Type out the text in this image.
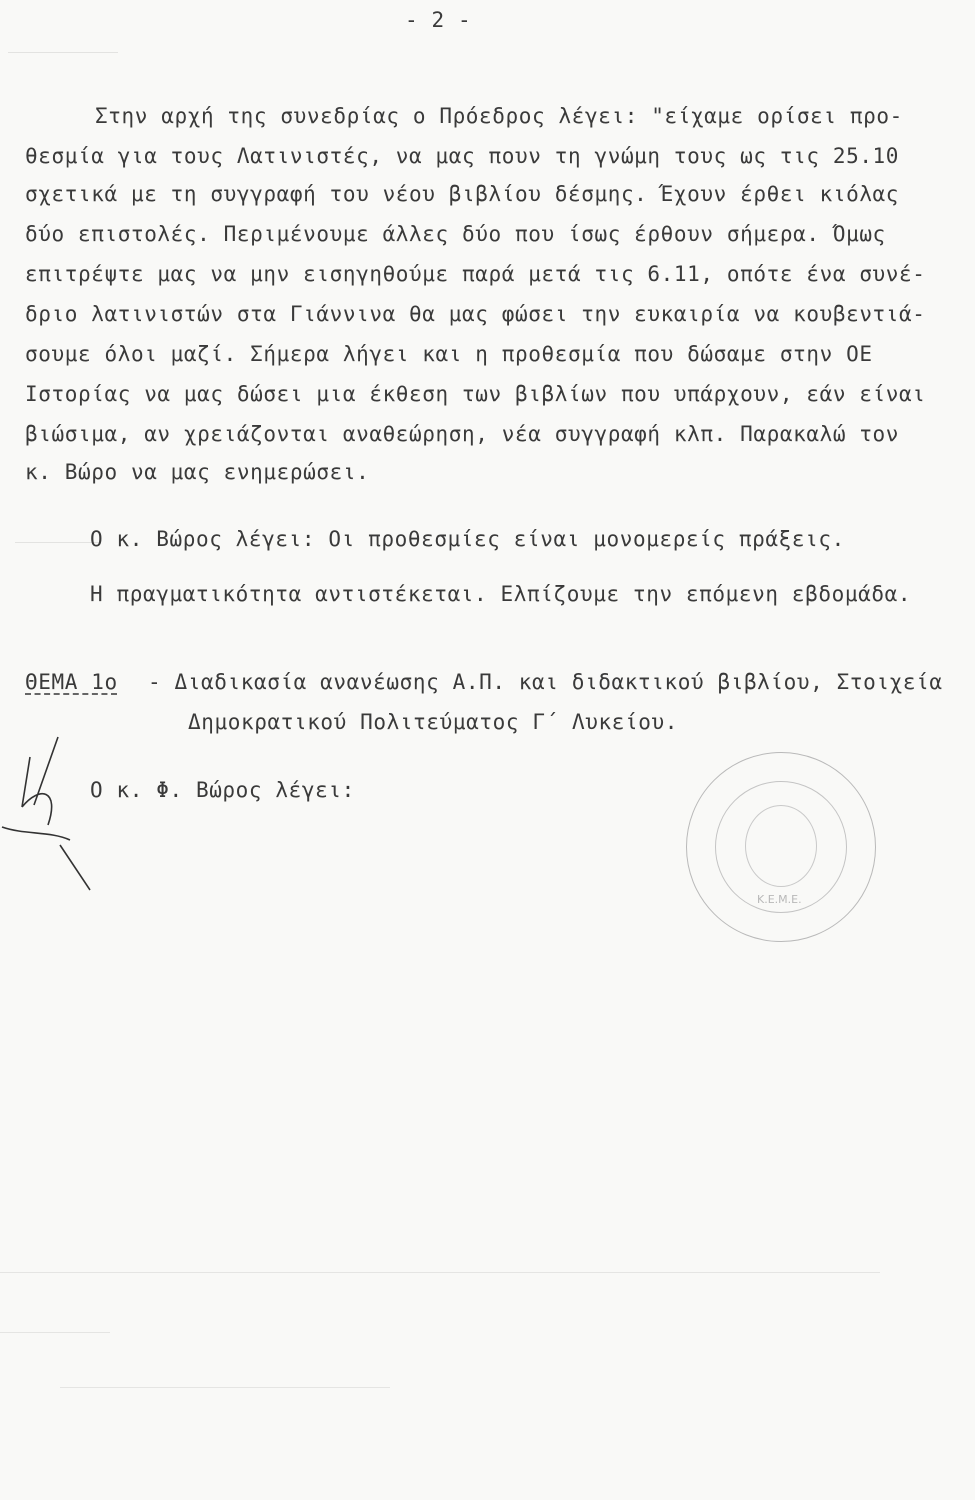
- 2 -
Στην αρχή της συνεδρίας ο Πρόεδρος λέγει: "είχαμε ορίσει προ-
θεσμία για τους Λατινιστές, να μας πουν τη γνώμη τους ως τις 25.10
σχετικά με τη συγγραφή του νέου βιβλίου δέσμης. Έχουν έρθει κιόλας
δύο επιστολές. Περιμένουμε άλλες δύο που ίσως έρθουν σήμερα. Όμως
επιτρέψτε μας να μην εισηγηθούμε παρά μετά τις 6.11, οπότε ένα συνέ-
δριο λατινιστών στα Γιάννινα θα μας φώσει την ευκαιρία να κουβεντιά-
σουμε όλοι μαζί. Σήμερα λήγει και η προθεσμία που δώσαμε στην ΟΕ
Ιστορίας να μας δώσει μια έκθεση των βιβλίων που υπάρχουν, εάν είναι
βιώσιμα, αν χρειάζονται αναθεώρηση, νέα συγγραφή κλπ. Παρακαλώ τον
κ. Βώρο να μας ενημερώσει.
Ο κ. Βώρος λέγει: Οι προθεσμίες είναι μονομερείς πράξεις.
Η πραγματικότητα αντιστέκεται. Ελπίζουμε την επόμενη εβδομάδα.
ΘΕΜΑ 1ο - Διαδικασία ανανέωσης Α.Π. και διδακτικού βιβλίου, Στοιχεία
Δημοκρατικού Πολιτεύματος Γ΄ Λυκείου.
Ο κ. Φ. Βώρος λέγει:
Κ.Ε.Μ.Ε.
